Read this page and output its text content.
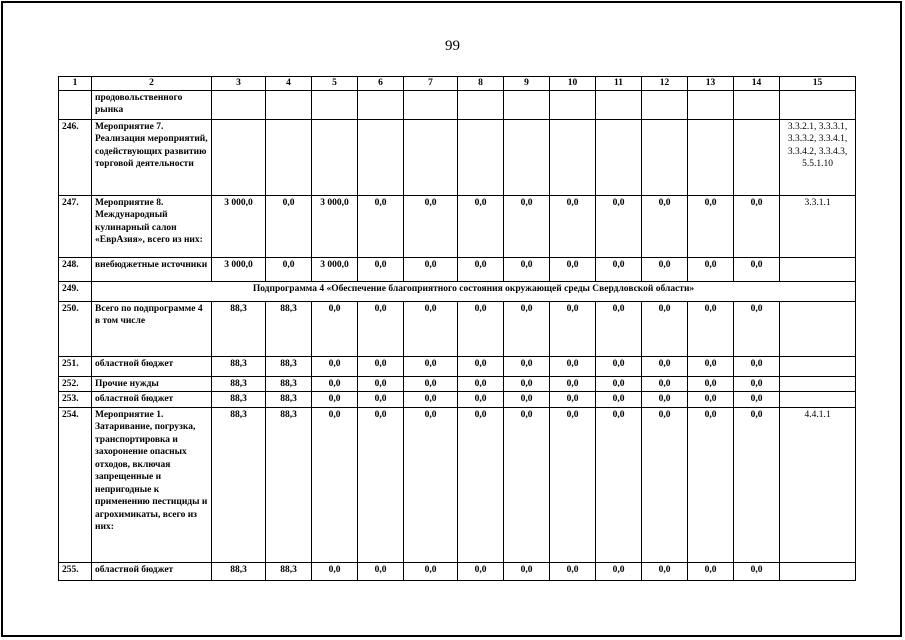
99
1	2	3	4	5	6	7	8	9	10	11	12	13	14	15
	продовольственного рынка													
246.	Мероприятие 7. Реализация мероприятий, содействующих развитию торговой деятельности													3.3.2.1, 3.3.3.1, 3.3.3.2, 3.3.4.1, 3.3.4.2, 3.3.4.3, 5.5.1.10
247.	Мероприятие 8. Международный кулинарный салон «ЕврАзия», всего из них:	3 000,0	0,0	3 000,0	0,0	0,0	0,0	0,0	0,0	0,0	0,0	0,0	0,0	3.3.1.1
248.	внебюджетные источники	3 000,0	0,0	3 000,0	0,0	0,0	0,0	0,0	0,0	0,0	0,0	0,0	0,0	
249.	Подпрограмма 4 «Обеспечение благоприятного состояния окружающей среды Свердловской области»													
250.	Всего по подпрограмме 4 в том числе	88,3	88,3	0,0	0,0	0,0	0,0	0,0	0,0	0,0	0,0	0,0	0,0	
251.	областной бюджет	88,3	88,3	0,0	0,0	0,0	0,0	0,0	0,0	0,0	0,0	0,0	0,0	
252.	Прочие нужды	88,3	88,3	0,0	0,0	0,0	0,0	0,0	0,0	0,0	0,0	0,0	0,0	
253.	областной бюджет	88,3	88,3	0,0	0,0	0,0	0,0	0,0	0,0	0,0	0,0	0,0	0,0	
254.	Мероприятие 1. Затаривание, погрузка, транспортировка и захоронение опасных отходов, включая запрещенные и непригодные к применению пестициды и агрохимикаты, всего из них:	88,3	88,3	0,0	0,0	0,0	0,0	0,0	0,0	0,0	0,0	0,0	0,0	4.4.1.1
255.	областной бюджет	88,3	88,3	0,0	0,0	0,0	0,0	0,0	0,0	0,0	0,0	0,0	0,0	
